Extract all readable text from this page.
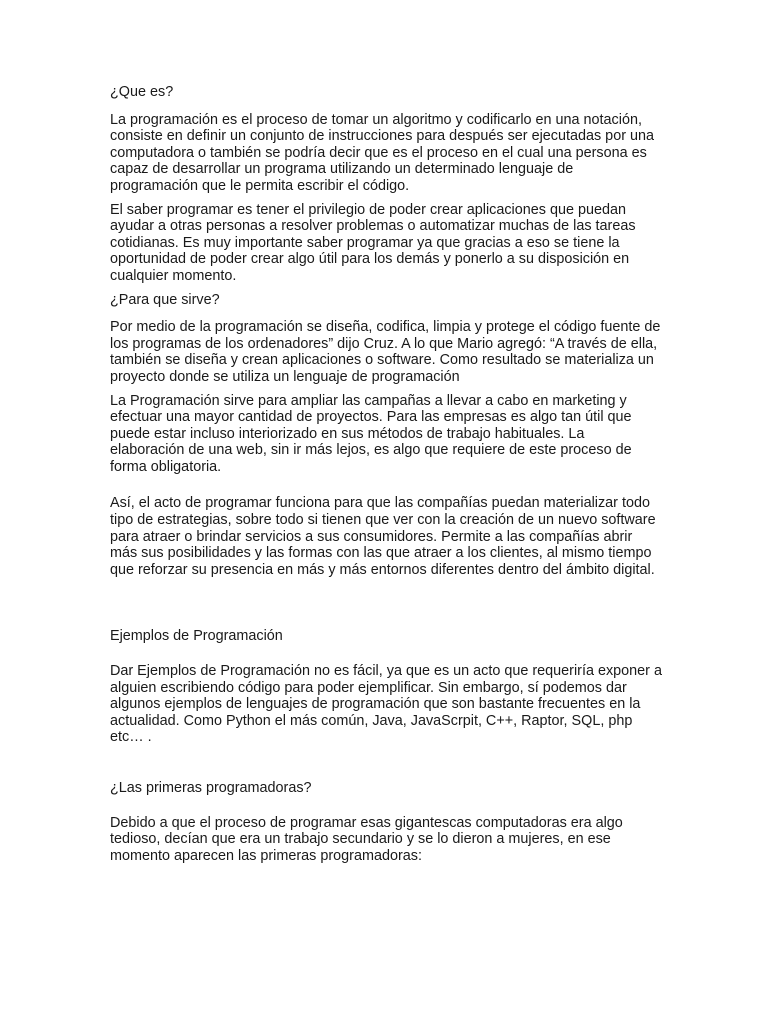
¿Que es?

La programación es el proceso de tomar un algoritmo y codificarlo en una notación, consiste en definir un conjunto de instrucciones para después ser ejecutadas por una computadora o también se podría decir que es el proceso en el cual una persona es capaz de desarrollar un programa utilizando un determinado lenguaje de programación que le permita escribir el código.

El saber programar es tener el privilegio de poder crear aplicaciones que puedan ayudar a otras personas a resolver problemas o automatizar muchas de las tareas cotidianas. Es muy importante saber programar ya que gracias a eso se tiene la oportunidad de poder crear algo útil para los demás y ponerlo a su disposición en cualquier momento.

¿Para que sirve?

Por medio de la programación se diseña, codifica, limpia y protege el código fuente de los programas de los ordenadores” dijo Cruz. A lo que Mario agregó: “A través de ella, también se diseña y crean aplicaciones o software. Como resultado se materializa un proyecto donde se utiliza un lenguaje de programación

La Programación sirve para ampliar las campañas a llevar a cabo en marketing y efectuar una mayor cantidad de proyectos. Para las empresas es algo tan útil que puede estar incluso interiorizado en sus métodos de trabajo habituales. La elaboración de una web, sin ir más lejos, es algo que requiere de este proceso de forma obligatoria.

Así, el acto de programar funciona para que las compañías puedan materializar todo tipo de estrategias, sobre todo si tienen que ver con la creación de un nuevo software para atraer o brindar servicios a sus consumidores. Permite a las compañías abrir más sus posibilidades y las formas con las que atraer a los clientes, al mismo tiempo que reforzar su presencia en más y más entornos diferentes dentro del ámbito digital.

Ejemplos de Programación

Dar Ejemplos de Programación no es fácil, ya que es un acto que requeriría exponer a alguien escribiendo código para poder ejemplificar. Sin embargo, sí podemos dar algunos ejemplos de lenguajes de programación que son bastante frecuentes en la actualidad. Como Python el más común, Java, JavaScrpit, C++, Raptor, SQL, php etc… .

¿Las primeras programadoras?

Debido a que el proceso de programar esas gigantescas computadoras era algo tedioso, decían que era un trabajo secundario y se lo dieron a mujeres, en ese momento aparecen las primeras programadoras:
